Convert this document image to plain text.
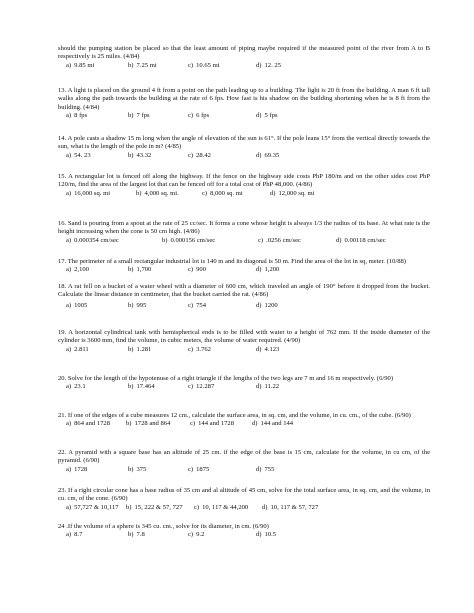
should the pumping station be placed so that the least amount of piping maybe required if the measured point of the river from A to B respectively is 25 miles. (4/84)

a) 9.85 mi	b) 7.25 mi	c) 10.65 mi	d) 12. 25

13. A light is placed on the ground 4 ft from a point on the path leading up to a building. The light is 20 ft from the building. A man 6 ft tall walks along the path towards the building at the rate of 6 fps. How fast is his shadow on the building shortening when he is 8 ft from the building. (4/84)

a) 8 fps	b) 7 fps	c) 6 fps	d) 5 fps

14. A pole casts a shadow 15 m long when the angle of elevation of the sun is 61°. If the pole leans 15° from the vertical directly towards the sun, what is the length of the pole in m? (4/85)

a) 54. 23	b) 43.32	c) 28.42	d) 69.35

15. A rectangular lot is fenced off along the highway. If the fence on the highway side costs PhP 180/m and on the other sides cost PhP 120/m, find the area of the largest lot that can be fenced off for a total cost of PhP 48,000. (4/86)

a) 16,000 sq. mi	b) 4,000 sq. mi.	c) 8,000 sq. mi	d) 12,000 sq. mi

16. Sand is pouring from a spout at the rate of 25 cc/sec. It forms a cone whose height is always 1/3 the radius of its base. At what rate is the height increasing when the cone is 50 cm high. (4/86)

a) 0.000354 cm/sec	b) 0.000156 cm/sec	c) .0256 cm/sec	d) 0.00118 cm/sec

17. The perimeter of a small rectangular industrial lot is 140 m and its diagonal is 50 m. Find the area of the lot in sq, meter. (10/88)

a) 2,100	b) 1,700	c) 900	d) 1,200

18. A rat fell on a bucket of a water wheel with a diameter of 600 cm, which traveled an angle of 190° before it dropped from the bucket. Calculate the linear distance in centimeter, that the bucket carried the rat. (4/86)

a) 1005	b) 995	c) 754	d) 1200

19. A horizontal cylindrical tank with hemispherical ends is to be filled with water to a height of 762 mm. If the inside diameter of the cylinder is 3600 mm, find the volume, in cubic meters, the volume of water required. (4/90)

a) 2.811	b) 1.281	c) 3.762	d) 4.123

20. Solve for the length of the hypotenuse of a right triangle if the lengths of the two legs are 7 m and 16 m respectively. (6/90)

a) 23.1	b) 17.464	c) 12.287	d) 11.22

21. If one of the edges of a cube measures 12 cm., calculate the surface area, in sq. cm, and the volume, in cu. cm., of the cube. (6/90)

a) 864 and 1728	b) 1728 and 864	c) 144 and 1728	d) 144 and 144

22. A pyramid with a square base has an altitude of 25 cm. if the edge of the base is 15 cm, calculate for the volume, in cu cm, of the pyramid. (6/90)

a) 1728	b) 375	c) 1875	d) 755

23. If a right circular cone has a base radius of 35 cm and al altitude of 45 cm, solve for the total surface area, in sq. cm, and the volume, in cu. cm, of the cone. (6/90)

a) 57,727 & 10,117	b) 15, 222 & 57, 727	c) 10, 117 & 44,200	d) 10, 117 & 57, 727

24 .If the volume of a sphere is 345 cu. cm., solve for its diameter, in cm. (6/90)

a) 8.7	b) 7.8	c) 9.2	d) 10.5
